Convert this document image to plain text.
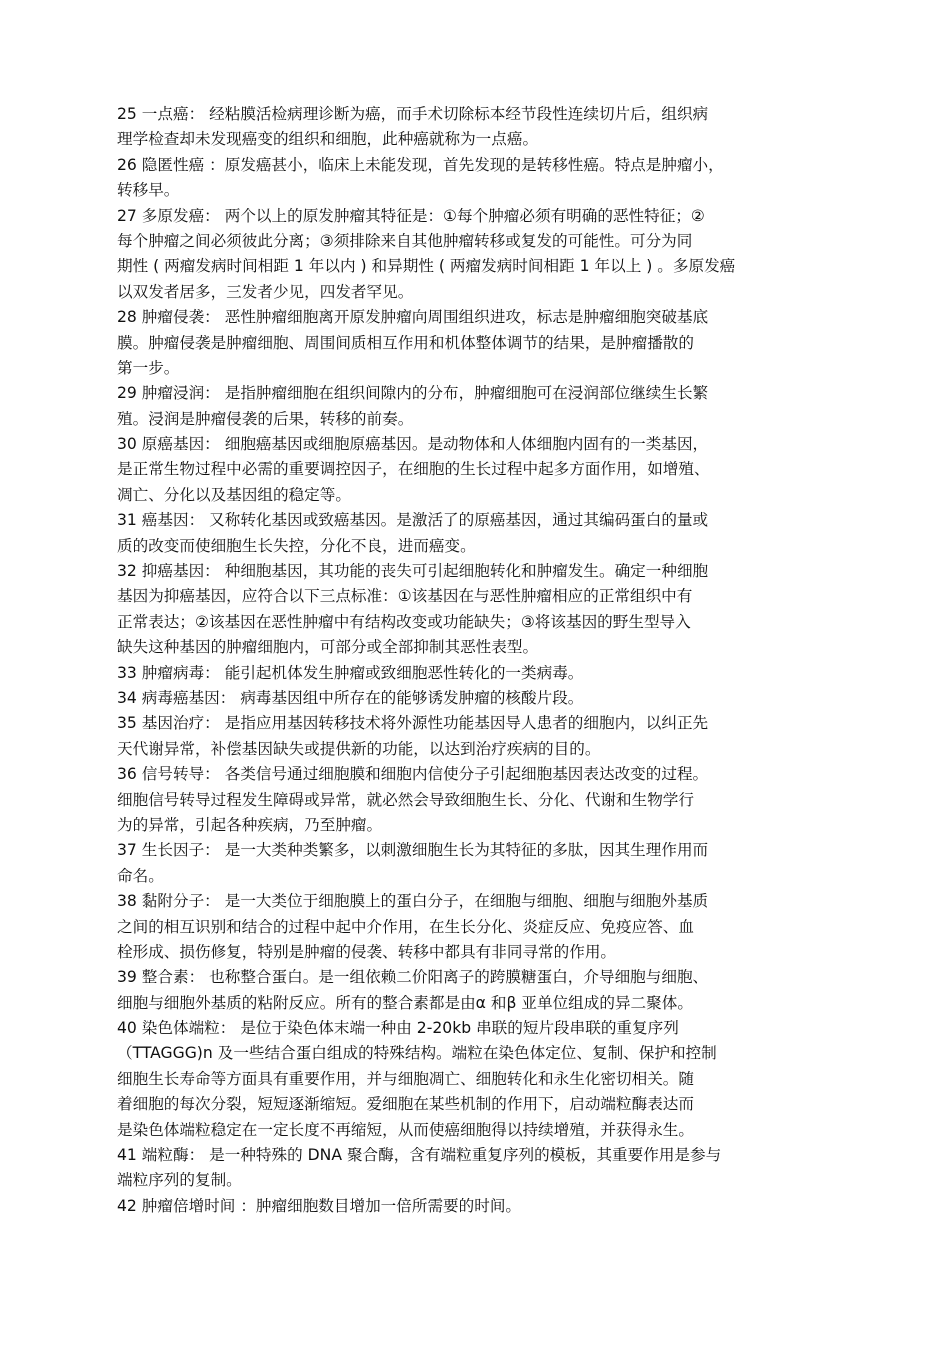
25 一点癌： 经粘膜活检病理诊断为癌，而手术切除标本经节段性连续切片后，组织病
理学检查却未发现癌变的组织和细胞，此种癌就称为一点癌。
26 隐匿性癌 ：原发癌甚小，临床上未能发现，首先发现的是转移性癌。特点是肿瘤小，
转移早。
27 多原发癌： 两个以上的原发肿瘤其特征是：①每个肿瘤必须有明确的恶性特征；②
每个肿瘤之间必须彼此分离；③须排除来自其他肿瘤转移或复发的可能性。可分为同
期性 ( 两瘤发病时间相距 1 年以内 ) 和异期性 ( 两瘤发病时间相距 1 年以上 ) 。多原发癌
以双发者居多，三发者少见，四发者罕见。
28 肿瘤侵袭： 恶性肿瘤细胞离开原发肿瘤向周围组织进攻，标志是肿瘤细胞突破基底
膜。肿瘤侵袭是肿瘤细胞、周围间质相互作用和机体整体调节的结果，是肿瘤播散的
第一步。
29 肿瘤浸润： 是指肿瘤细胞在组织间隙内的分布，肿瘤细胞可在浸润部位继续生长繁
殖。浸润是肿瘤侵袭的后果，转移的前奏。
30 原癌基因： 细胞癌基因或细胞原癌基因。是动物体和人体细胞内固有的一类基因，
是正常生物过程中必需的重要调控因子，在细胞的生长过程中起多方面作用，如增殖、
凋亡、分化以及基因组的稳定等。
31 癌基因： 又称转化基因或致癌基因。是激活了的原癌基因，通过其编码蛋白的量或
质的改变而使细胞生长失控，分化不良，进而癌变。
32 抑癌基因： 种细胞基因，其功能的丧失可引起细胞转化和肿瘤发生。确定一种细胞
基因为抑癌基因，应符合以下三点标准：①该基因在与恶性肿瘤相应的正常组织中有
正常表达；②该基因在恶性肿瘤中有结构改变或功能缺失；③将该基因的野生型导入
缺失这种基因的肿瘤细胞内，可部分或全部抑制其恶性表型。
33 肿瘤病毒： 能引起机体发生肿瘤或致细胞恶性转化的一类病毒。
34 病毒癌基因： 病毒基因组中所存在的能够诱发肿瘤的核酸片段。
35 基因治疗： 是指应用基因转移技术将外源性功能基因导人患者的细胞内，以纠正先
天代谢异常，补偿基因缺失或提供新的功能，以达到治疗疾病的目的。
36 信号转导： 各类信号通过细胞膜和细胞内信使分子引起细胞基因表达改变的过程。
细胞信号转导过程发生障碍或异常，就必然会导致细胞生长、分化、代谢和生物学行
为的异常，引起各种疾病，乃至肿瘤。
37 生长因子： 是一大类种类繁多，以刺激细胞生长为其特征的多肽，因其生理作用而
命名。
38 黏附分子： 是一大类位于细胞膜上的蛋白分子，在细胞与细胞、细胞与细胞外基质
之间的相互识别和结合的过程中起中介作用，在生长分化、炎症反应、免疫应答、血
栓形成、损伤修复，特别是肿瘤的侵袭、转移中都具有非同寻常的作用。
39 整合素： 也称整合蛋白。是一组依赖二价阳离子的跨膜糖蛋白，介导细胞与细胞、
细胞与细胞外基质的粘附反应。所有的整合素都是由α 和β 亚单位组成的异二聚体。
40 染色体端粒： 是位于染色体末端一种由 2-20kb 串联的短片段串联的重复序列
（TTAGGG)n 及一些结合蛋白组成的特殊结构。端粒在染色体定位、复制、保护和控制
细胞生长寿命等方面具有重要作用，并与细胞凋亡、细胞转化和永生化密切相关。随
着细胞的每次分裂，短短逐渐缩短。爱细胞在某些机制的作用下，启动端粒酶表达而
是染色体端粒稳定在一定长度不再缩短，从而使癌细胞得以持续增殖，并获得永生。
41 端粒酶： 是一种特殊的 DNA 聚合酶，含有端粒重复序列的模板，其重要作用是参与
端粒序列的复制。
42 肿瘤倍增时间 ：肿瘤细胞数目增加一倍所需要的时间。
